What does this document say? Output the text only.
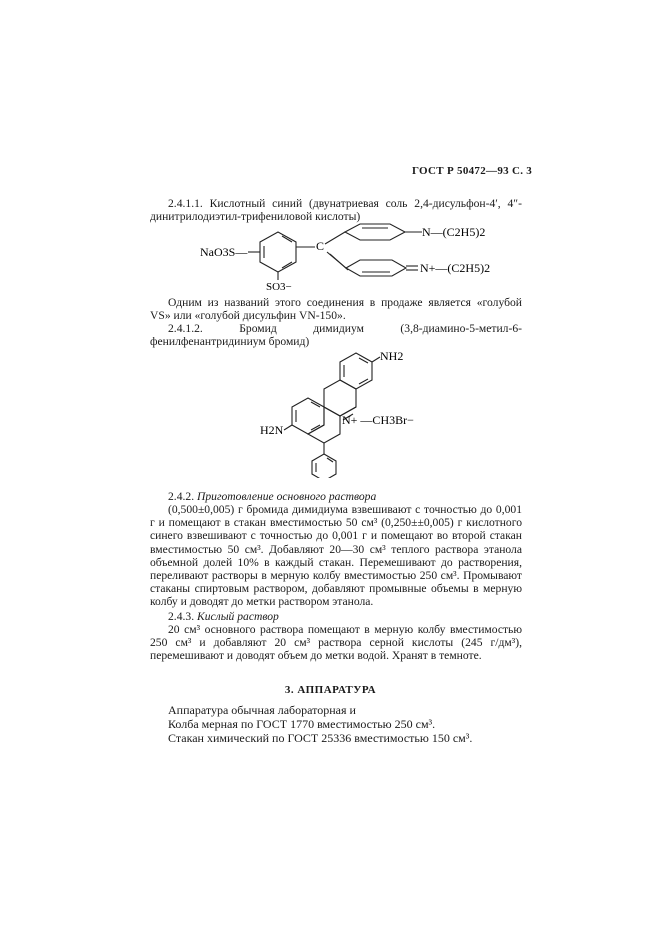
ГОСТ Р 50472—93 С. 3
2.4.1.1. Кислотный синий (двунатриевая соль 2,4-дисульфон-4′, 4″-динитрилодиэтил-трифениловой кислоты)
NaO3S—
SO3−
C
N—(C2H5)2
N+—(C2H5)2
Одним из названий этого соединения в продаже является «голубой VS» или «голубой дисульфин VN-150».
2.4.1.2. Бромид димидиум (3,8-диамино-5-метил-6-фенилфенантридиниум бромид)
NH2
H2N
N+ —CH3Br−
2.4.2. Приготовление основного раствора
(0,500±0,005) г бромида димидиума взвешивают с точностью до 0,001 г и помещают в стакан вместимостью 50 см³ (0,250±±0,005) г кислотного синего взвешивают с точностью до 0,001 г и помещают во второй стакан вместимостью 50 см³. Добавляют 20—30 см³ теплого раствора этанола объемной долей 10% в каждый стакан. Перемешивают до растворения, переливают растворы в мерную колбу вместимостью 250 см³. Промывают стаканы спиртовым раствором, добавляют промывные объемы в мерную колбу и доводят до метки раствором этанола.
2.4.3. Кислый раствор
20 см³ основного раствора помещают в мерную колбу вместимостью 250 см³ и добавляют 20 см³ раствора серной кислоты (245 г/дм³), перемешивают и доводят объем до метки водой. Хранят в темноте.
3. АППАРАТУРА
Аппаратура обычная лабораторная и
Колба мерная по ГОСТ 1770 вместимостью 250 см³.
Стакан химический по ГОСТ 25336 вместимостью 150 см³.
